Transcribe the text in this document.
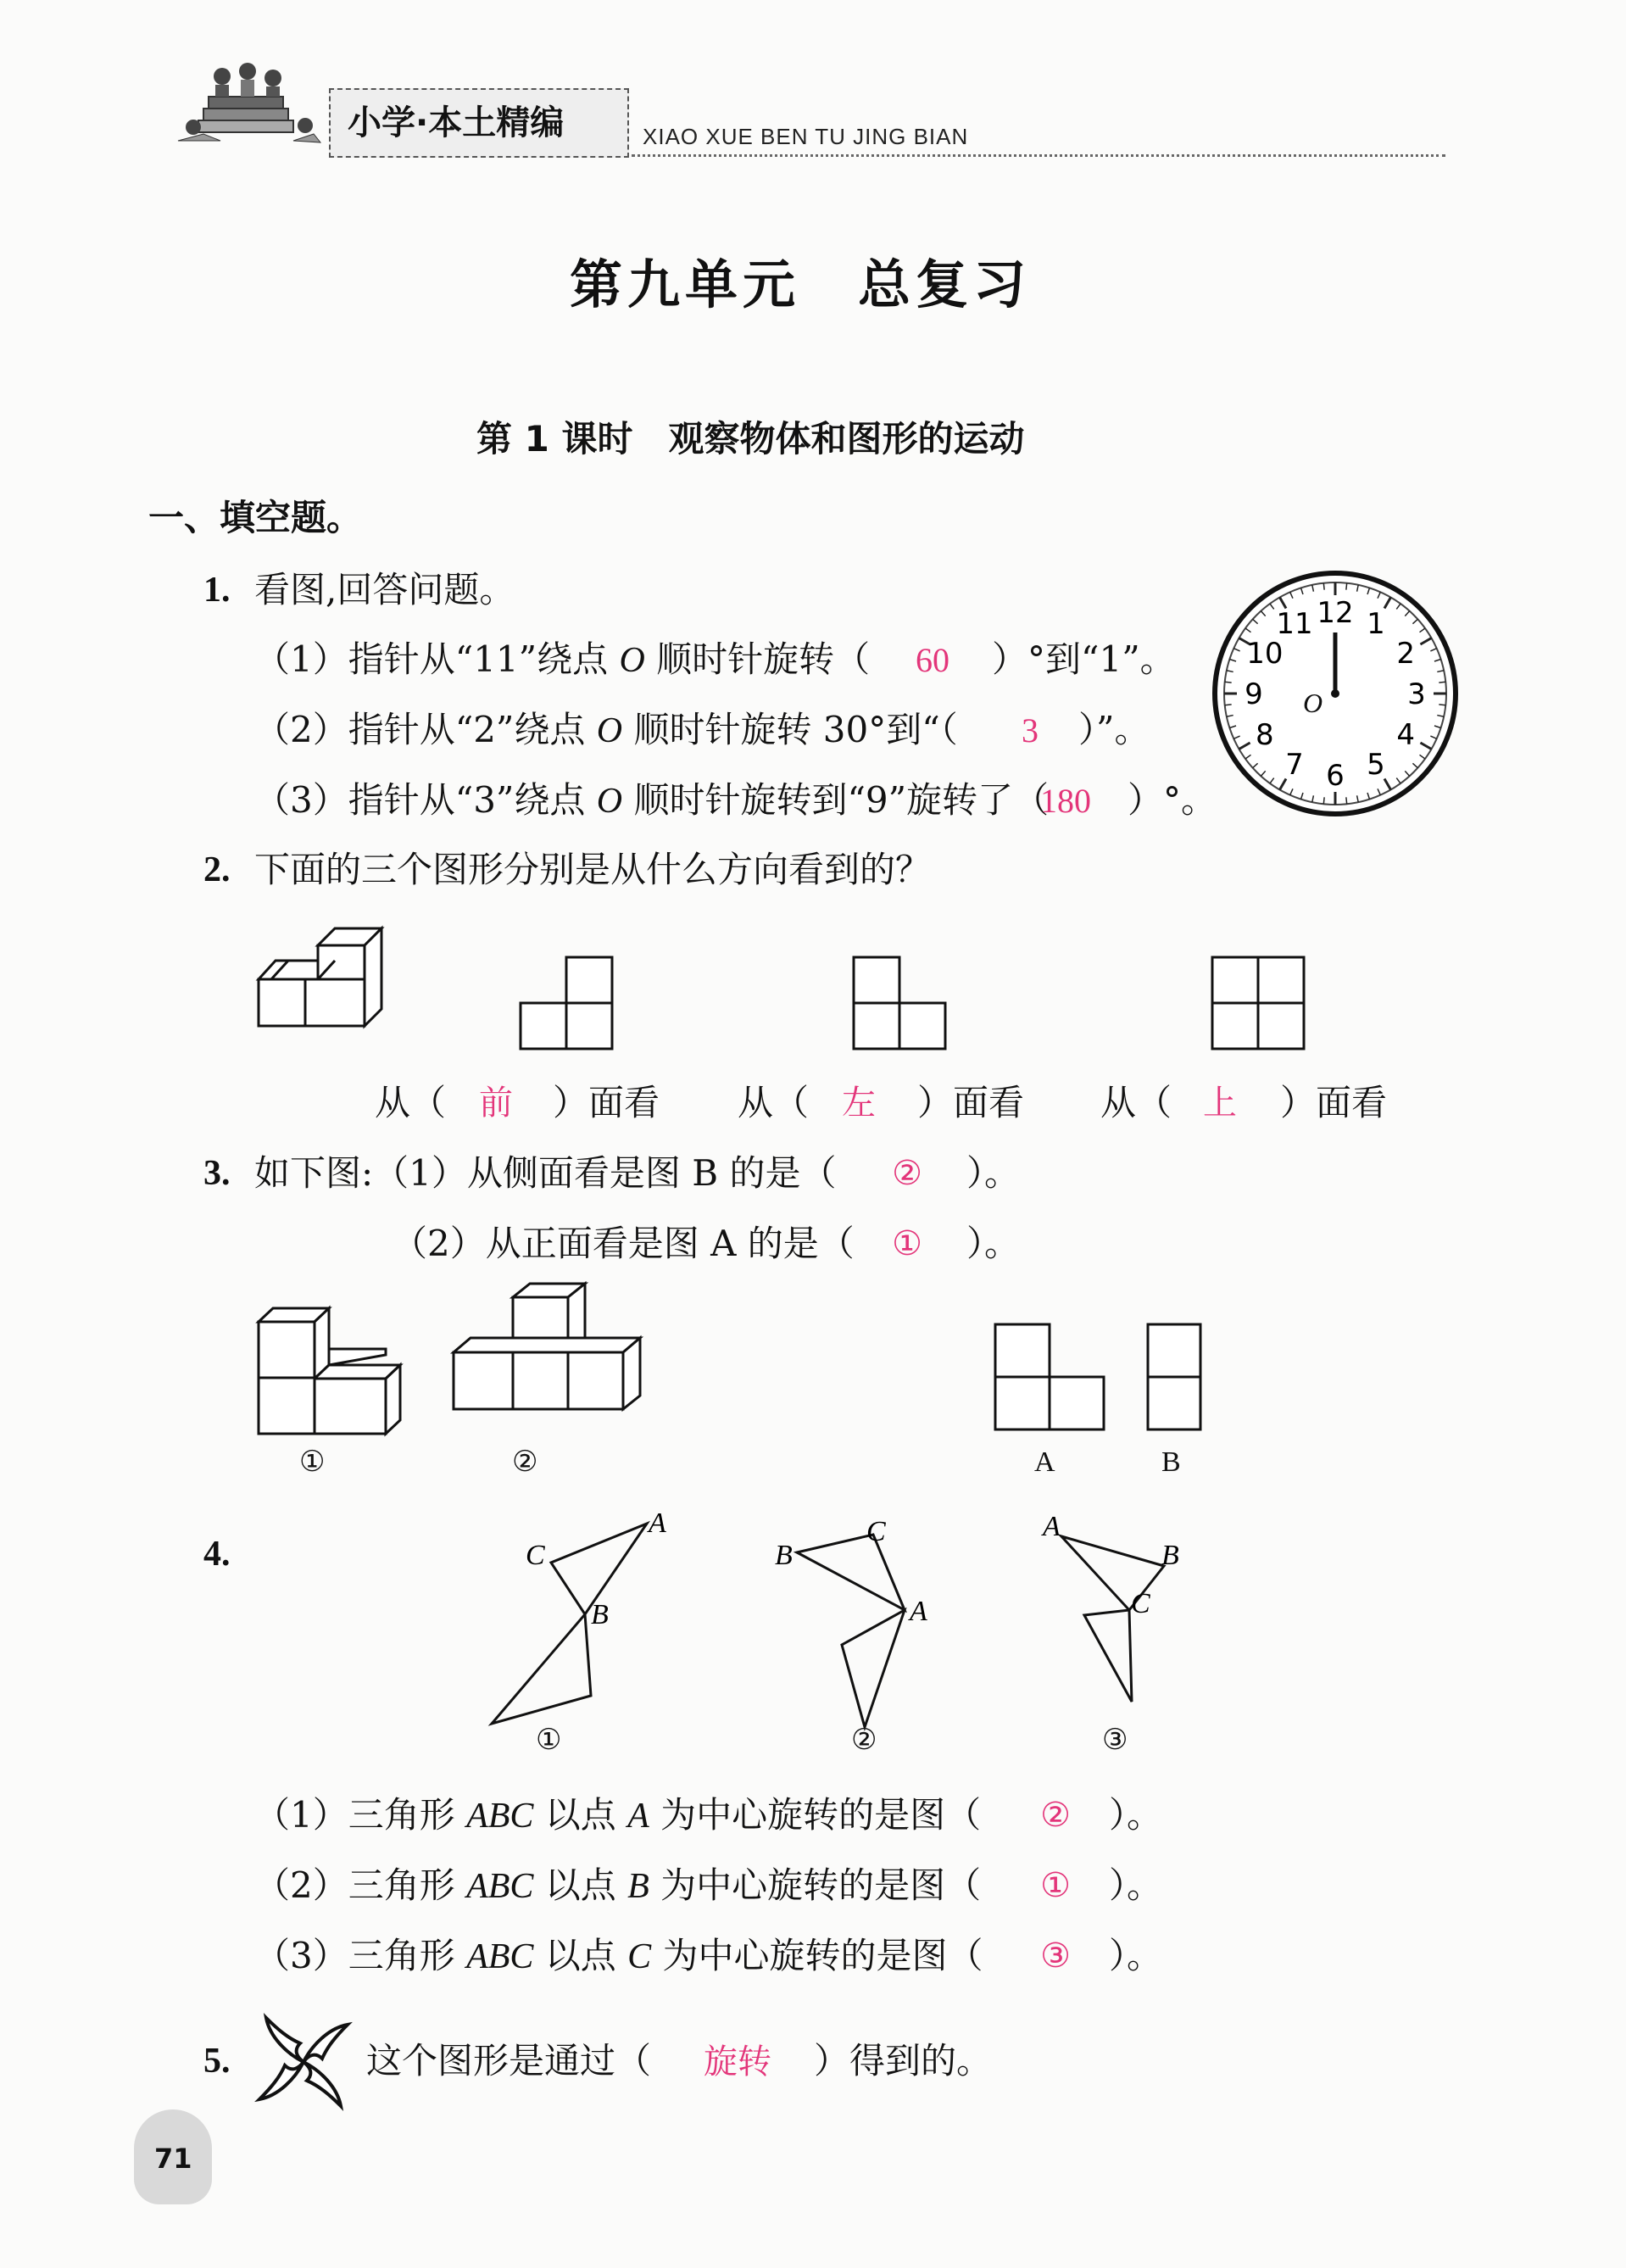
小学·本土精编	XIAO XUE BEN TU JING BIAN
第九单元　总复习
第 1 课时　观察物体和图形的运动
一、填空题。
1. 看图,回答问题。
（1）指针从“11”绕点 O 顺时针旋转（	60	）°到“1”。
（2）指针从“2”绕点 O 顺时针旋转 30°到“（	3	）”。
（3）指针从“3”绕点 O 顺时针旋转到“9”旋转了（
180	）°。
12 1
2
3
4
5
6
7
8
9
10
11
O
2. 下面的三个图形分别是从什么方向看到的？
从（ 前	）面看 从（ 左	）面看 从（ 上	）面看
3. 如下图:（1）从侧面看是图 B 的是（	② ）。
（2）从正面看是图 A 的是（	① ）。
①	②	A	B
4.
A
B
C
A
B
C	A
B
C
①	②	③
（1）三角形 ABC 以点 A 为中心旋转的是图（	②	）。
（2）三角形 ABC 以点 B 为中心旋转的是图（	①	）。
（3）三角形 ABC 以点 C 为中心旋转的是图（	③	）。
5.	这个图形是通过（	旋转	）得到的。
71
